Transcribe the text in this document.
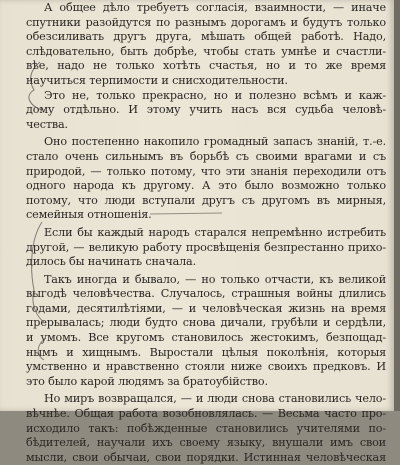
А общее дѣло требуетъ согласія, взаимности, — иначе
спутники разойдутся по разнымъ дорогамъ и будутъ только
обезсиливать другъ друга, мѣшать общей работѣ. Надо,
слѣдовательно, быть добрѣе, чтобы стать умнѣе и счастли-
вѣе, надо не только хотѣть счастья, но и то же время
научиться терпимости и снисходительности.
Это не, только прекрасно, но и полезно всѣмъ и каж-
дому отдѣльно. И этому учить насъ вся судьба человѣ-
чества.
Оно постепенно накопило громадный запасъ знаній, т.-е.
стало очень сильнымъ въ борьбѣ съ своими врагами и съ
природой, — только потому, что эти знанія переходили отъ
одного народа къ другому. А это было возможно только
потому, что люди вступали другъ съ другомъ въ мирныя,
семейныя отношенія.
Если бы каждый народъ старался непремѣнно истребить
другой, — великую работу просвѣщенія безпрестанно прихо-
дилось бы начинать сначала.
Такъ иногда и бывало, — но только отчасти, къ великой
выгодѣ человѣчества. Случалось, страшныя войны длились
годами, десятилѣтіями, — и человѣческая жизнь на время
прерывалась; люди будто снова дичали, грубѣли и сердѣли,
и умомъ. Все кругомъ становилось жестокимъ, безпощад-
нымъ и хищнымъ. Выростали цѣлыя поколѣнія, которыя
умственно и нравственно стояли ниже своихъ предковъ. И
это было карой людямъ за братоубійство.
Но миръ возвращался, — и люди снова становились чело-
вѣчнѣе. Общая работа возобновлялась. — Весьма часто про-
исходило такъ: побѣжденные становились учителями по-
бѣдителей, научали ихъ своему языку, внушали имъ свои
мысли, свои обычаи, свои порядки. Истинная человѣческая
